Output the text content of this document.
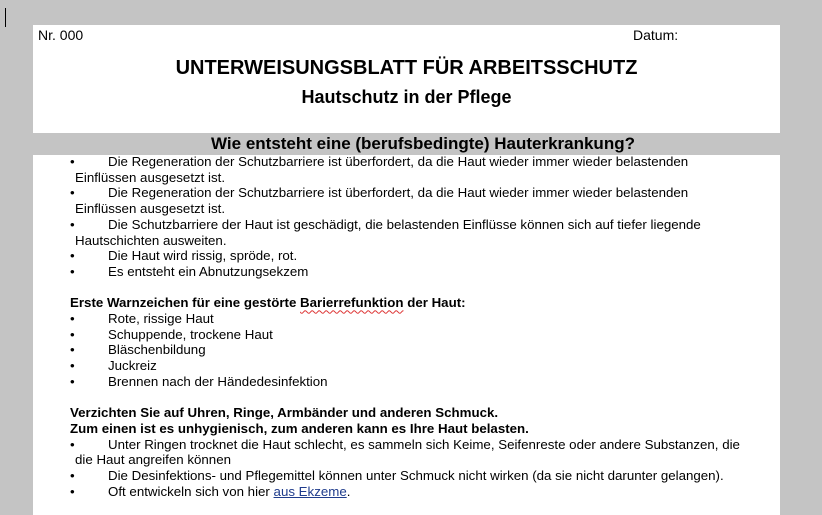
Nr. 000	Datum:
UNTERWEISUNGSBLATT FÜR ARBEITSSCHUTZ
Hautschutz in der Pflege
Wie entsteht eine (berufsbedingte) Hauterkrankung?
•	Die Regeneration der Schutzbarriere ist überfordert, da die Haut wieder immer wieder belastenden
Einflüssen ausgesetzt ist.
•	Die Regeneration der Schutzbarriere ist überfordert, da die Haut wieder immer wieder belastenden
Einflüssen ausgesetzt ist.
•	Die Schutzbarriere der Haut ist geschädigt, die belastenden Einflüsse können sich auf tiefer liegende
Hautschichten ausweiten.
•	Die Haut wird rissig, spröde, rot.
•	Es entsteht ein Abnutzungsekzem
Erste Warnzeichen für eine gestörte Barierrefunktion der Haut:
•	Rote, rissige Haut
•	Schuppende, trockene Haut
•	Bläschenbildung
•	Juckreiz
•	Brennen nach der Händedesinfektion
Verzichten Sie auf Uhren, Ringe, Armbänder und anderen Schmuck.
Zum einen ist es unhygienisch, zum anderen kann es Ihre Haut belasten.
•	Unter Ringen trocknet die Haut schlecht, es sammeln sich Keime, Seifenreste oder andere Substanzen, die
die Haut angreifen können
•	Die Desinfektions- und Pflegemittel können unter Schmuck nicht wirken (da sie nicht darunter gelangen).
•	Oft entwickeln sich von hier aus Ekzeme.
